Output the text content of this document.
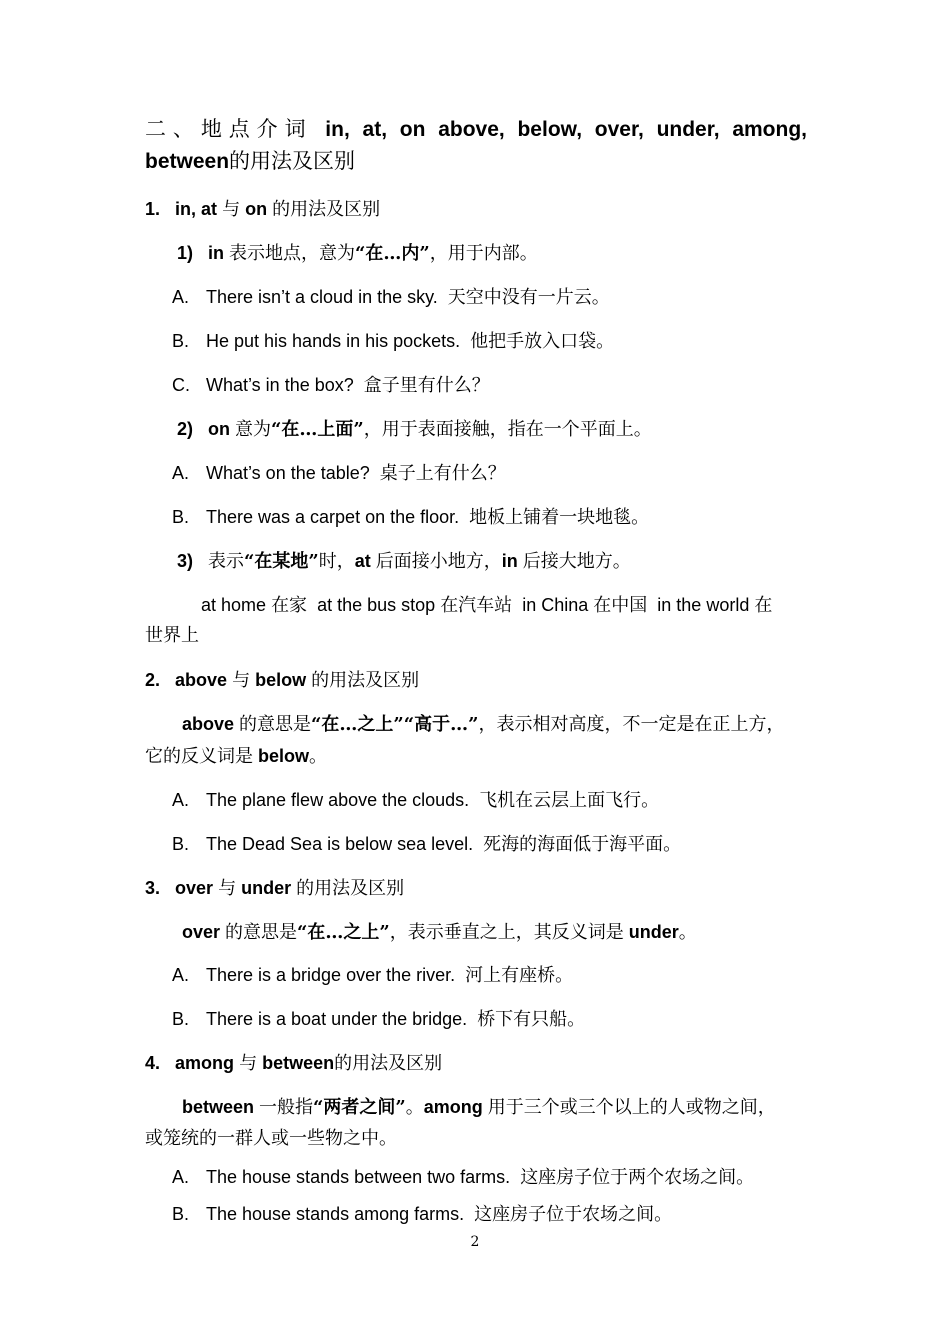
二、地点介词 in, at, on above, below, over, under, among,
between的用法及区别
1. in, at 与 on 的用法及区别
1) in 表示地点，意为“在…内”，用于内部。
A. There isn’t a cloud in the sky. 天空中没有一片云。
B. He put his hands in his pockets. 他把手放入口袋。
C. What’s in the box? 盒子里有什么？
2) on 意为“在…上面”，用于表面接触，指在一个平面上。
A. What’s on the table? 桌子上有什么？
B. There was a carpet on the floor. 地板上铺着一块地毯。
3) 表示“在某地”时，at 后面接小地方，in 后接大地方。
at home 在家 at the bus stop 在汽车站 in China 在中国 in the world 在
世界上
2. above 与 below 的用法及区别
above 的意思是“在…之上”“高于…”，表示相对高度，不一定是在正上方，
它的反义词是 below。
A. The plane flew above the clouds. 飞机在云层上面飞行。
B. The Dead Sea is below sea level. 死海的海面低于海平面。
3. over 与 under 的用法及区别
over 的意思是“在…之上”，表示垂直之上，其反义词是 under。
A. There is a bridge over the river. 河上有座桥。
B. There is a boat under the bridge. 桥下有只船。
4. among 与 between的用法及区别
between 一般指“两者之间”。among 用于三个或三个以上的人或物之间，
或笼统的一群人或一些物之中。
A. The house stands between two farms. 这座房子位于两个农场之间。
B. The house stands among farms. 这座房子位于农场之间。
2
